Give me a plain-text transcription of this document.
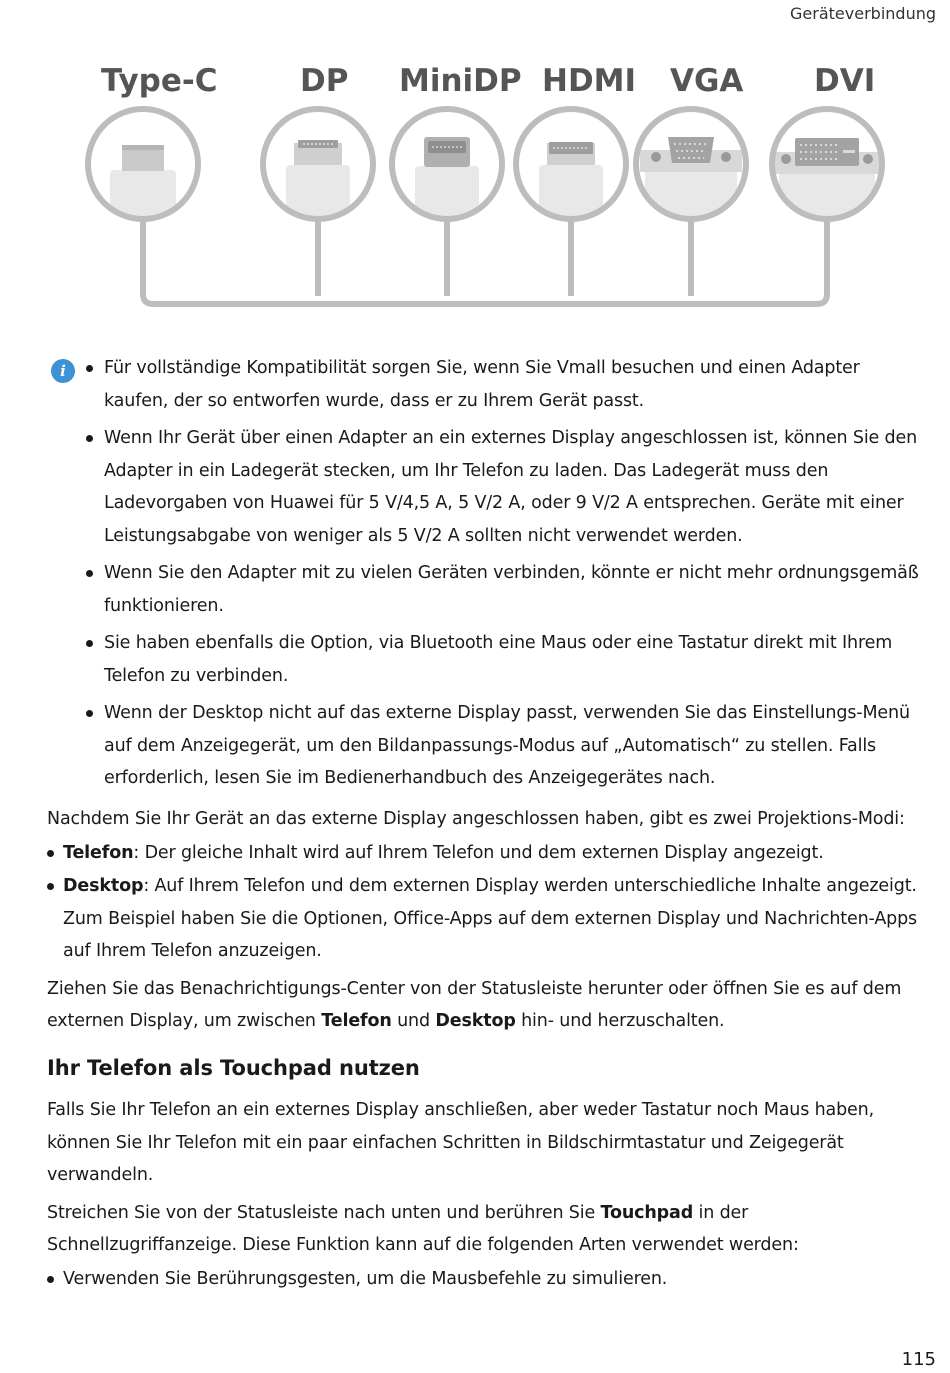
Geräteverbindung
Type-C	DP MiniDP HDMI VGA DVI
i	Für vollständige Kompatibilität sorgen Sie, wenn Sie Vmall besuchen und einen Adapter kaufen, der so entworfen wurde, dass er zu Ihrem Gerät passt.
Wenn Ihr Gerät über einen Adapter an ein externes Display angeschlossen ist, können Sie den Adapter in ein Ladegerät stecken, um Ihr Telefon zu laden. Das Ladegerät muss den Ladevorgaben von Huawei für 5 V/4,5 A, 5 V/2 A, oder 9 V/2 A entsprechen. Geräte mit einer Leistungsabgabe von weniger als 5 V/2 A sollten nicht verwendet werden.
Wenn Sie den Adapter mit zu vielen Geräten verbinden, könnte er nicht mehr ordnungsgemäß funktionieren.
Sie haben ebenfalls die Option, via Bluetooth eine Maus oder eine Tastatur direkt mit Ihrem Telefon zu verbinden.
Wenn der Desktop nicht auf das externe Display passt, verwenden Sie das Einstellungs-Menü auf dem Anzeigegerät, um den Bildanpassungs-Modus auf „Automatisch“ zu stellen. Falls erforderlich, lesen Sie im Bedienerhandbuch des Anzeigegerätes nach.

Nachdem Sie Ihr Gerät an das externe Display angeschlossen haben, gibt es zwei Projektions-Modi:

Telefon: Der gleiche Inhalt wird auf Ihrem Telefon und dem externen Display angezeigt.

Desktop: Auf Ihrem Telefon und dem externen Display werden unterschiedliche Inhalte angezeigt. Zum Beispiel haben Sie die Optionen, Office-Apps auf dem externen Display und Nachrichten-Apps auf Ihrem Telefon anzuzeigen.

Ziehen Sie das Benachrichtigungs-Center von der Statusleiste herunter oder öffnen Sie es auf dem externen Display, um zwischen Telefon und Desktop hin- und herzuschalten.

Ihr Telefon als Touchpad nutzen

Falls Sie Ihr Telefon an ein externes Display anschließen, aber weder Tastatur noch Maus haben, können Sie Ihr Telefon mit ein paar einfachen Schritten in Bildschirmtastatur und Zeigegerät verwandeln.

Streichen Sie von der Statusleiste nach unten und berühren Sie Touchpad in der Schnellzugriffanzeige. Diese Funktion kann auf die folgenden Arten verwendet werden:

Verwenden Sie Berührungsgesten, um die Mausbefehle zu simulieren.

115
